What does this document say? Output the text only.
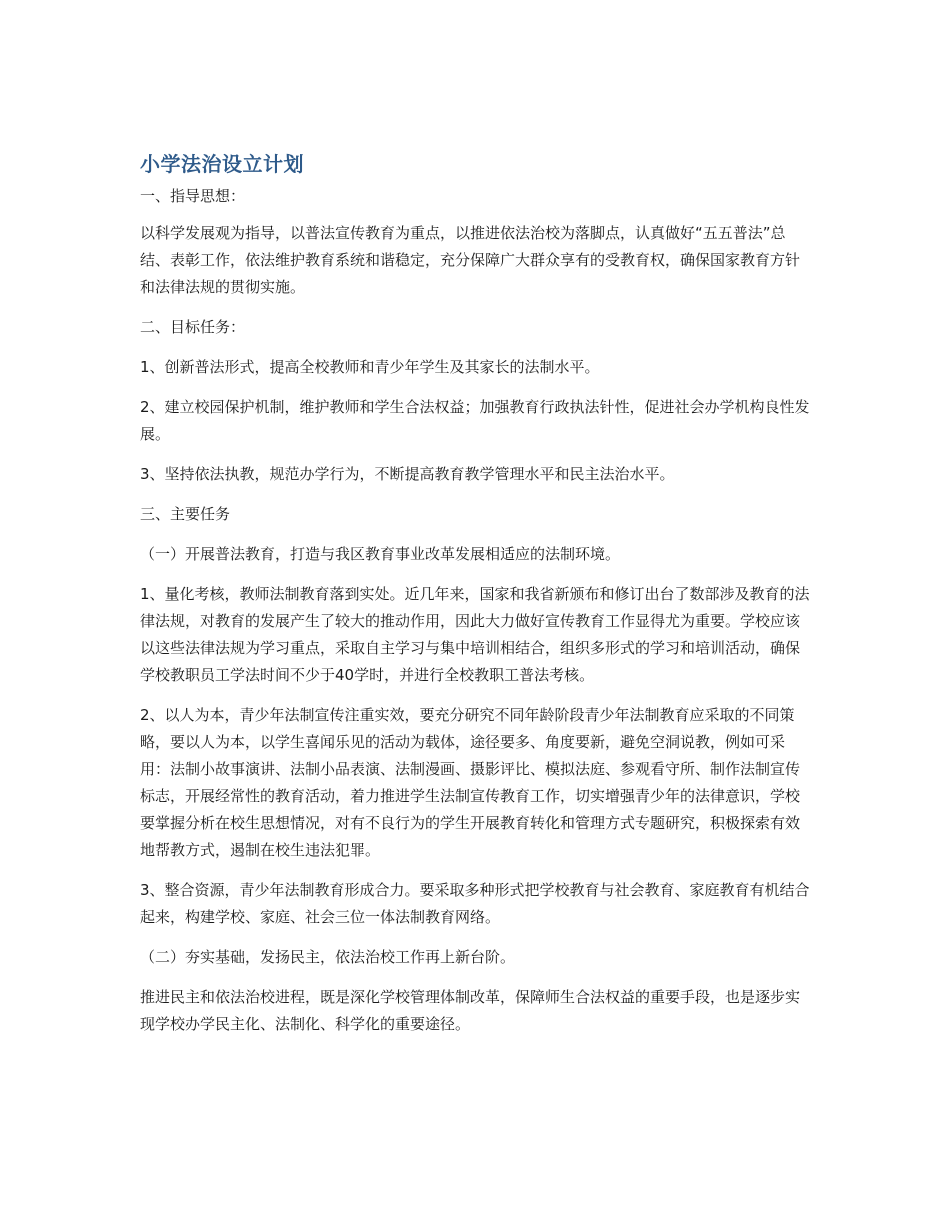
小学法治设立计划

一、指导思想：

以科学发展观为指导，以普法宣传教育为重点，以推进依法治校为落脚点，认真做好“五五普法”总结、表彰工作，依法维护教育系统和谐稳定，充分保障广大群众享有的受教育权，确保国家教育方针和法律法规的贯彻实施。

二、目标任务：

1、创新普法形式，提高全校教师和青少年学生及其家长的法制水平。

2、建立校园保护机制，维护教师和学生合法权益；加强教育行政执法针性，促进社会办学机构良性发展。

3、坚持依法执教，规范办学行为，不断提高教育教学管理水平和民主法治水平。

三、主要任务

（一）开展普法教育，打造与我区教育事业改革发展相适应的法制环境。

1、量化考核，教师法制教育落到实处。近几年来，国家和我省新颁布和修订出台了数部涉及教育的法律法规，对教育的发展产生了较大的推动作用，因此大力做好宣传教育工作显得尤为重要。学校应该以这些法律法规为学习重点，采取自主学习与集中培训相结合，组织多形式的学习和培训活动，确保学校教职员工学法时间不少于40学时，并进行全校教职工普法考核。

2、以人为本，青少年法制宣传注重实效，要充分研究不同年龄阶段青少年法制教育应采取的不同策略，要以人为本，以学生喜闻乐见的活动为载体，途径要多、角度要新，避免空洞说教，例如可采用：法制小故事演讲、法制小品表演、法制漫画、摄影评比、模拟法庭、参观看守所、制作法制宣传标志，开展经常性的教育活动，着力推进学生法制宣传教育工作，切实增强青少年的法律意识，学校要掌握分析在校生思想情况，对有不良行为的学生开展教育转化和管理方式专题研究，积极探索有效地帮教方式，遏制在校生违法犯罪。

3、整合资源，青少年法制教育形成合力。要采取多种形式把学校教育与社会教育、家庭教育有机结合起来，构建学校、家庭、社会三位一体法制教育网络。

（二）夯实基础，发扬民主，依法治校工作再上新台阶。

推进民主和依法治校进程，既是深化学校管理体制改革，保障师生合法权益的重要手段，也是逐步实现学校办学民主化、法制化、科学化的重要途径。
